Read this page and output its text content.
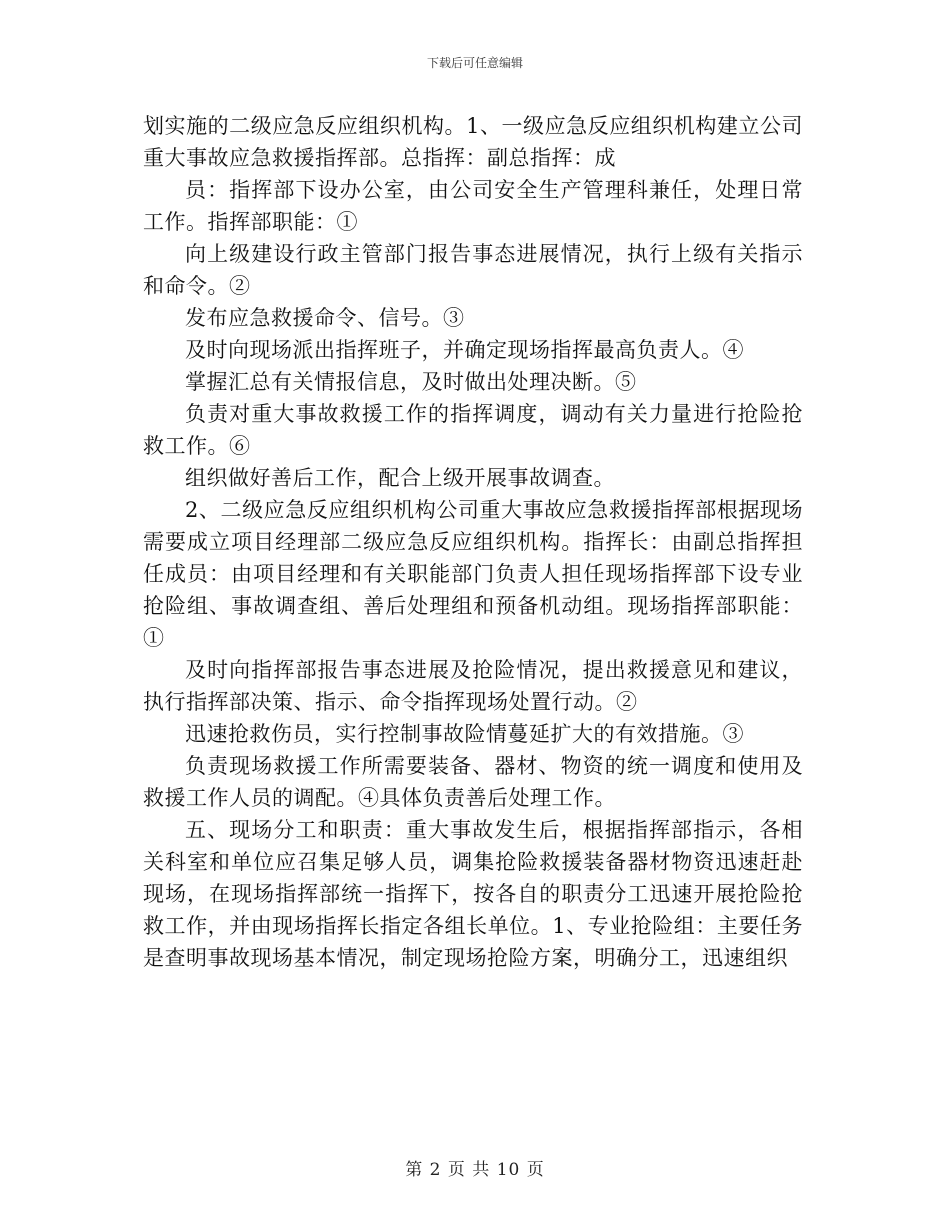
下载后可任意编辑

划实施的二级应急反应组织机构。1、一级应急反应组织机构建立公司重大事故应急救援指挥部。总指挥：副总指挥：成

员：指挥部下设办公室，由公司安全生产管理科兼任，处理日常工作。指挥部职能：①

向上级建设行政主管部门报告事态进展情况，执行上级有关指示和命令。②

发布应急救援命令、信号。③

及时向现场派出指挥班子，并确定现场指挥最高负责人。④

掌握汇总有关情报信息，及时做出处理决断。⑤

负责对重大事故救援工作的指挥调度，调动有关力量进行抢险抢救工作。⑥

组织做好善后工作，配合上级开展事故调查。

2、二级应急反应组织机构公司重大事故应急救援指挥部根据现场需要成立项目经理部二级应急反应组织机构。指挥长：由副总指挥担任成员：由项目经理和有关职能部门负责人担任现场指挥部下设专业抢险组、事故调查组、善后处理组和预备机动组。现场指挥部职能：①

及时向指挥部报告事态进展及抢险情况，提出救援意见和建议，执行指挥部决策、指示、命令指挥现场处置行动。②

迅速抢救伤员，实行控制事故险情蔓延扩大的有效措施。③

负责现场救援工作所需要装备、器材、物资的统一调度和使用及救援工作人员的调配。④具体负责善后处理工作。

五、现场分工和职责：重大事故发生后，根据指挥部指示，各相关科室和单位应召集足够人员，调集抢险救援装备器材物资迅速赶赴现场，在现场指挥部统一指挥下，按各自的职责分工迅速开展抢险抢救工作，并由现场指挥长指定各组长单位。1、专业抢险组：主要任务是查明事故现场基本情况，制定现场抢险方案，明确分工，迅速组织

第 2 页 共 10 页
